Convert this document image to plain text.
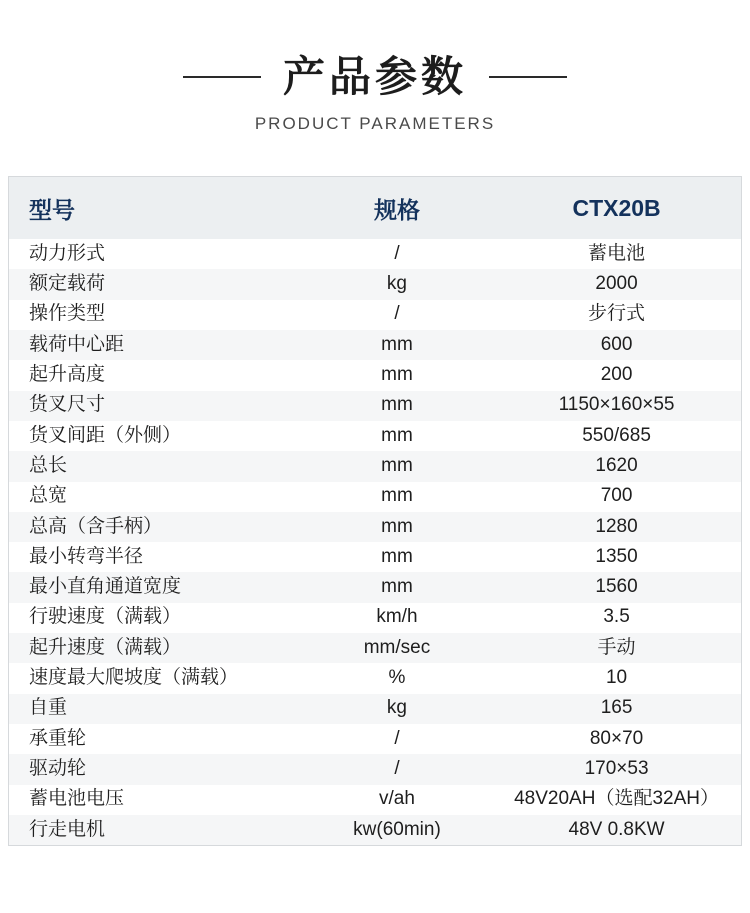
产品参数
PRODUCT PARAMETERS
型号	规格	CTX20B
动力形式	/	蓄电池
额定载荷	kg	2000
操作类型	/	步行式
载荷中心距	mm	600
起升高度	mm	200
货叉尺寸	mm	1150×160×55
货叉间距（外侧）	mm	550/685
总长	mm	1620
总宽	mm	700
总高（含手柄）	mm	1280
最小转弯半径	mm	1350
最小直角通道宽度	mm	1560
行驶速度（满载）	km/h	3.5
起升速度（满载）	mm/sec	手动
速度最大爬坡度（满载）	%	10
自重	kg	165
承重轮	/	80×70
驱动轮	/	170×53
蓄电池电压	v/ah	48V20AH（选配32AH）
行走电机	kw(60min)	48V 0.8KW
